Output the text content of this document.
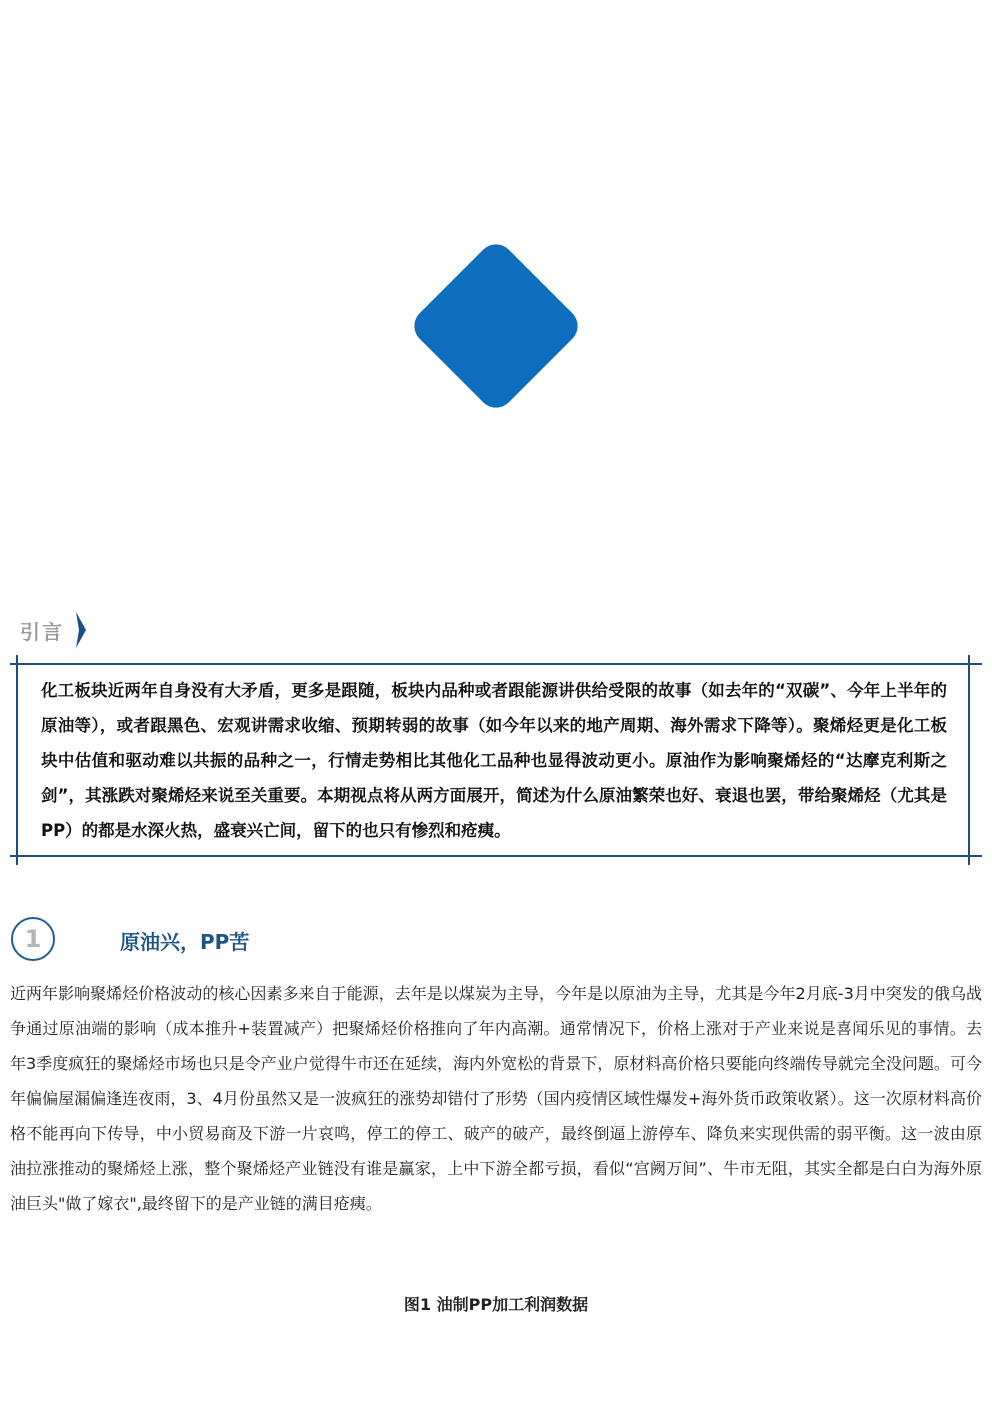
引言
化工板块近两年自身没有大矛盾，更多是跟随，板块内品种或者跟能源讲供给受限的故事（如去年的“双碳”、今年上半年的原油等），或者跟黑色、宏观讲需求收缩、预期转弱的故事（如今年以来的地产周期、海外需求下降等）。聚烯烃更是化工板块中估值和驱动难以共振的品种之一，行情走势相比其他化工品种也显得波动更小。原油作为影响聚烯烃的“达摩克利斯之剑”，其涨跌对聚烯烃来说至关重要。本期视点将从两方面展开，简述为什么原油繁荣也好、衰退也罢，带给聚烯烃（尤其是PP）的都是水深火热，盛衰兴亡间，留下的也只有惨烈和疮痍。
1	原油兴，PP苦
近两年影响聚烯烃价格波动的核心因素多来自于能源，去年是以煤炭为主导，今年是以原油为主导，尤其是今年2月底-3月中突发的俄乌战争通过原油端的影响（成本推升+装置减产）把聚烯烃价格推向了年内高潮。通常情况下，价格上涨对于产业来说是喜闻乐见的事情。去年3季度疯狂的聚烯烃市场也只是令产业户觉得牛市还在延续，海内外宽松的背景下，原材料高价格只要能向终端传导就完全没问题。可今年偏偏屋漏偏逢连夜雨，3、4月份虽然又是一波疯狂的涨势却错付了形势（国内疫情区域性爆发+海外货币政策收紧）。这一次原材料高价格不能再向下传导，中小贸易商及下游一片哀鸣，停工的停工、破产的破产，最终倒逼上游停车、降负来实现供需的弱平衡。这一波由原油拉涨推动的聚烯烃上涨，整个聚烯烃产业链没有谁是赢家，上中下游全都亏损，看似“宫阙万间”、牛市无阻，其实全都是白白为海外原油巨头"做了嫁衣",最终留下的是产业链的满目疮痍。
图1 油制PP加工利润数据
